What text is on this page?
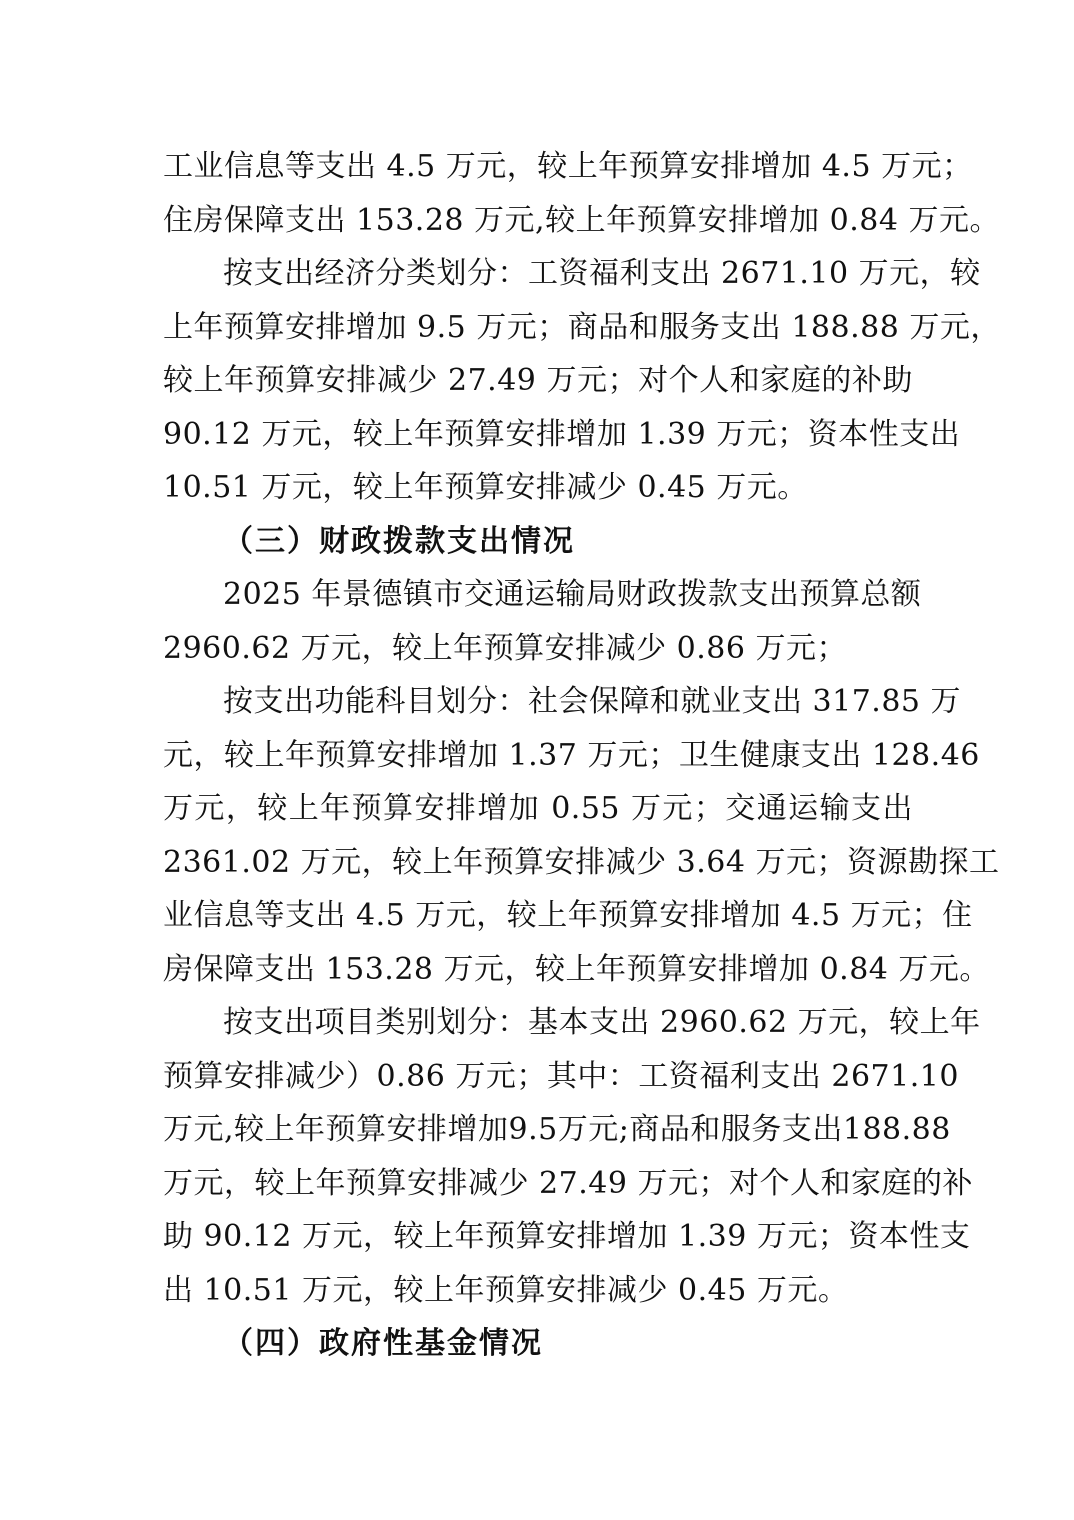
工业信息等支出 4.5 万元，较上年预算安排增加 4.5 万元；
住房保障支出 153.28 万元,较上年预算安排增加 0.84 万元。
按支出经济分类划分：工资福利支出 2671.10 万元，较
上年预算安排增加 9.5 万元；商品和服务支出 188.88 万元，
较上年预算安排减少 27.49 万元；对个人和家庭的补助
90.12 万元，较上年预算安排增加 1.39 万元；资本性支出
10.51 万元，较上年预算安排减少 0.45 万元。
（三）财政拨款支出情况
2025 年景德镇市交通运输局财政拨款支出预算总额
2960.62 万元，较上年预算安排减少 0.86 万元；
按支出功能科目划分：社会保障和就业支出 317.85 万
元，较上年预算安排增加 1.37 万元；卫生健康支出 128.46
万元，较上年预算安排增加 0.55 万元；交通运输支出
2361.02 万元，较上年预算安排减少 3.64 万元；资源勘探工
业信息等支出 4.5 万元，较上年预算安排增加 4.5 万元；住
房保障支出 153.28 万元，较上年预算安排增加 0.84 万元。
按支出项目类别划分：基本支出 2960.62 万元，较上年
预算安排减少）0.86 万元；其中：工资福利支出 2671.10
万元,较上年预算安排增加9.5万元;商品和服务支出188.88
万元，较上年预算安排减少 27.49 万元；对个人和家庭的补
助 90.12 万元，较上年预算安排增加 1.39 万元；资本性支
出 10.51 万元，较上年预算安排减少 0.45 万元。
（四）政府性基金情况
